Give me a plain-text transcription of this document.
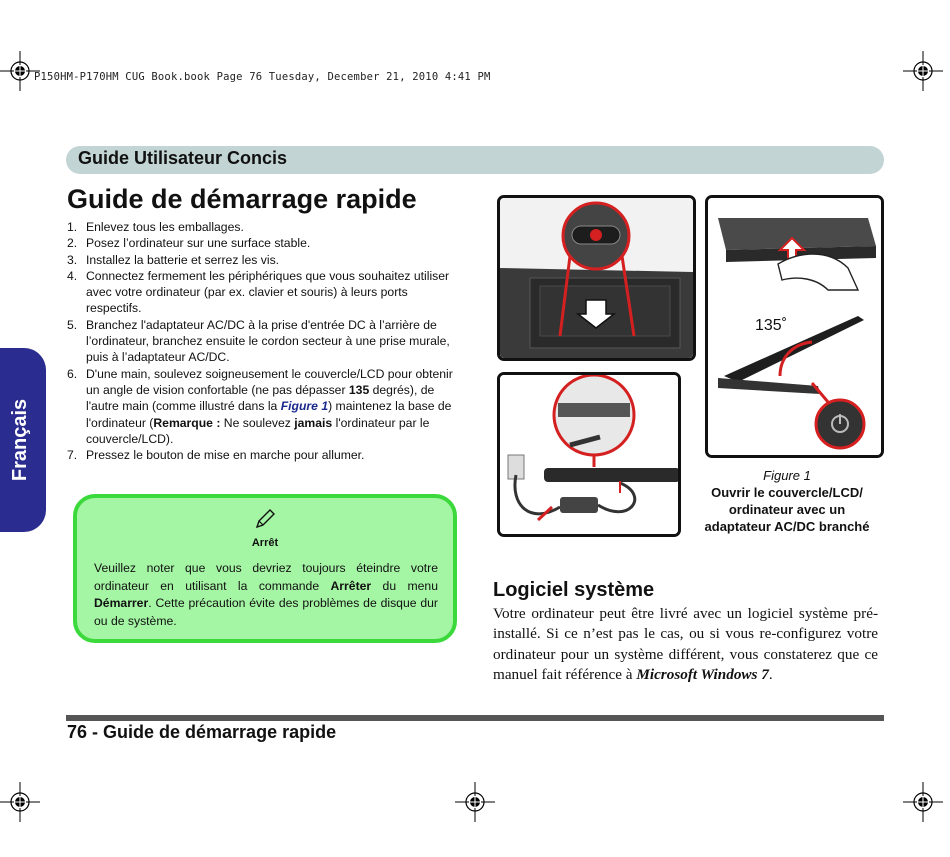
P150HM-P170HM CUG Book.book Page 76 Tuesday, December 21, 2010 4:41 PM
Guide Utilisateur Concis
Français
Guide de démarrage rapide
1. Enlevez tous les emballages.
2. Posez l’ordinateur sur une surface stable.
3. Installez la batterie et serrez les vis.
4. Connectez fermement les périphériques que vous souhaitez utiliser avec votre ordinateur (par ex. clavier et souris) à leurs ports respectifs.
5. Branchez l'adaptateur AC/DC à la prise d'entrée DC à l’arrière de l’ordinateur, branchez ensuite le cordon secteur à une prise murale, puis à l’adaptateur AC/DC.
6. D'une main, soulevez soigneusement le couvercle/LCD pour obtenir un angle de vision confortable (ne pas dépasser 135 degrés), de l'autre main (comme illustré dans la Figure 1) maintenez la base de l'ordinateur (Remarque : Ne soulevez jamais l'ordinateur par le couvercle/LCD).
7. Pressez le bouton de mise en marche pour allumer.
Arrêt
Veuillez noter que vous devriez toujours éteindre votre ordinateur en utilisant la commande Arrêter du menu Démarrer. Cette précaution évite des problèmes de disque dur ou de système.
135˚
Figure 1
Ouvrir le couvercle/LCD/ ordinateur avec un adaptateur AC/DC branché
Logiciel système
Votre ordinateur peut être livré avec un logiciel système pré-installé. Si ce n’est pas le cas, ou si vous re-configurez votre ordinateur pour un système différent, vous constaterez que ce manuel fait référence à Microsoft Windows 7.
76 - Guide de démarrage rapide
